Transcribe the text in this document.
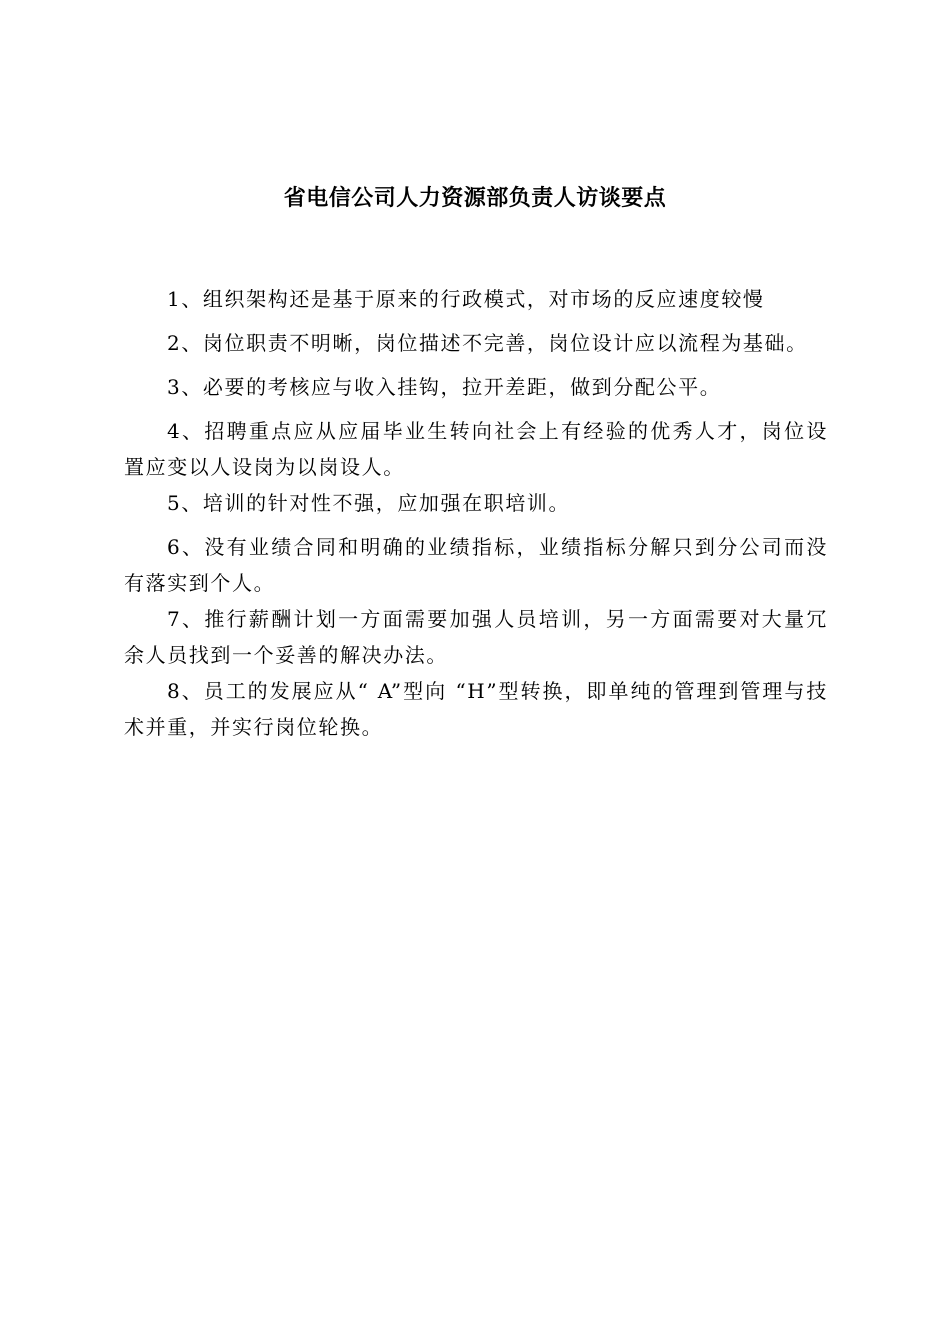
省电信公司人力资源部负责人访谈要点

1、组织架构还是基于原来的行政模式，对市场的反应速度较慢

2、岗位职责不明晰，岗位描述不完善，岗位设计应以流程为基础。

3、必要的考核应与收入挂钩，拉开差距，做到分配公平。

4、招聘重点应从应届毕业生转向社会上有经验的优秀人才，岗位设置应变以人设岗为以岗设人。

5、培训的针对性不强，应加强在职培训。

6、没有业绩合同和明确的业绩指标，业绩指标分解只到分公司而没有落实到个人。

7、推行薪酬计划一方面需要加强人员培训，另一方面需要对大量冗余人员找到一个妥善的解决办法。

8、员工的发展应从“ A”型向 “H”型转换，即单纯的管理到管理与技术并重，并实行岗位轮换。
